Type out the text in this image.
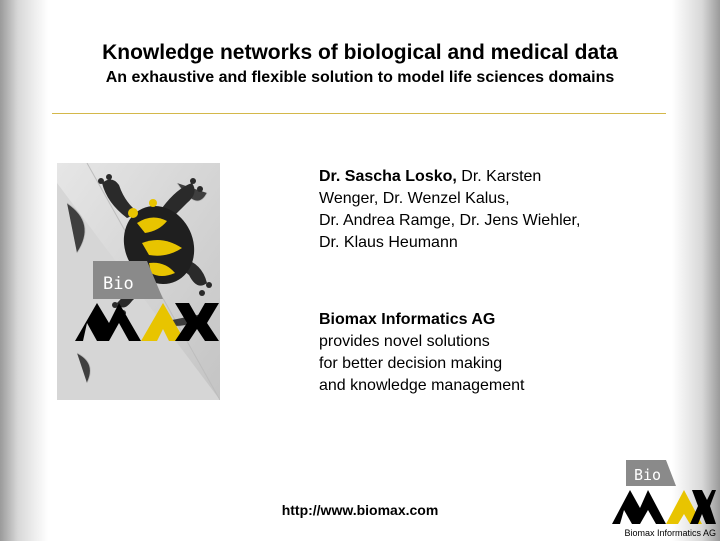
Knowledge networks of biological and medical data
An exhaustive and flexible solution to model life sciences domains
Bio
Dr. Sascha Losko, Dr. Karsten
Wenger, Dr. Wenzel Kalus,
Dr. Andrea Ramge, Dr. Jens Wiehler,
Dr. Klaus Heumann
Biomax Informatics AG
provides novel solutions
for better decision making
and knowledge management
http://www.biomax.com
Bio
Biomax Informatics AG
